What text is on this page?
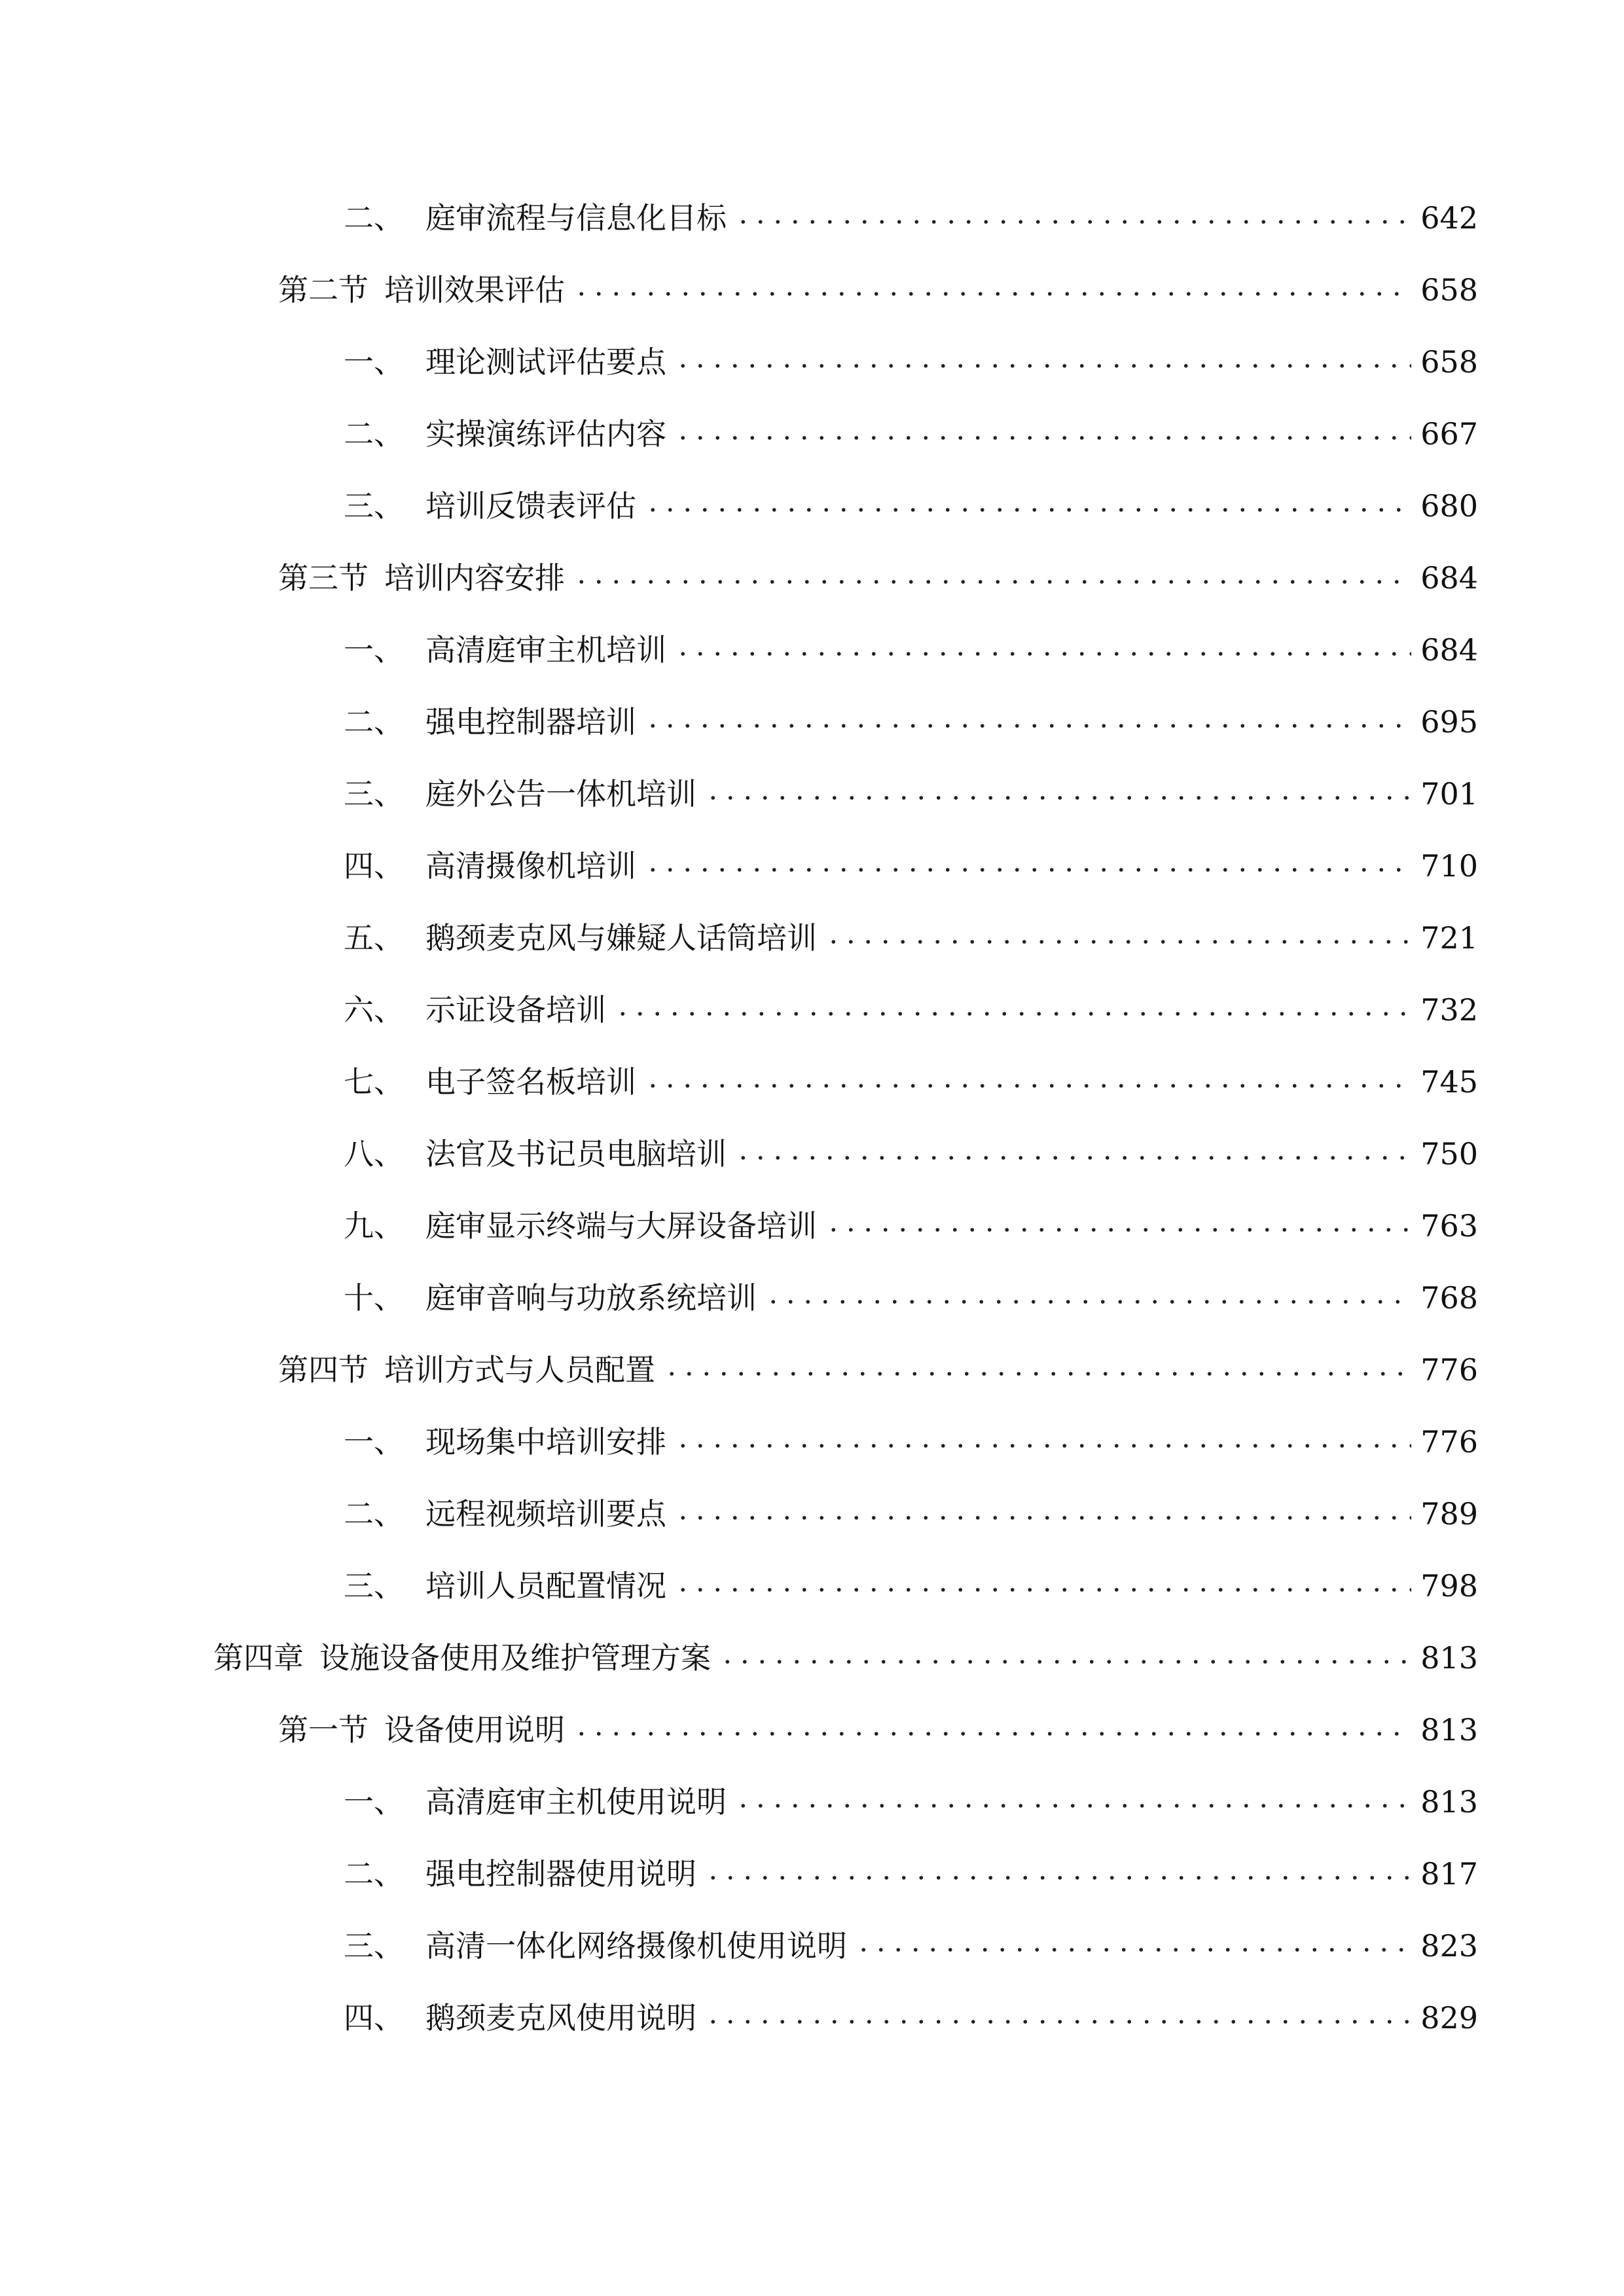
二、 庭审流程与信息化目标	642
第二节 培训效果评估	658
一、 理论测试评估要点	658
二、 实操演练评估内容	667
三、 培训反馈表评估	680
第三节 培训内容安排	684
一、 高清庭审主机培训	684
二、 强电控制器培训	695
三、 庭外公告一体机培训	701
四、 高清摄像机培训	710
五、 鹅颈麦克风与嫌疑人话筒培训	721
六、 示证设备培训	732
七、 电子签名板培训	745
八、 法官及书记员电脑培训	750
九、 庭审显示终端与大屏设备培训	763
十、 庭审音响与功放系统培训	768
第四节 培训方式与人员配置	776
一、 现场集中培训安排	776
二、 远程视频培训要点	789
三、 培训人员配置情况	798
第四章 设施设备使用及维护管理方案	813
第一节 设备使用说明	813
一、 高清庭审主机使用说明	813
二、 强电控制器使用说明	817
三、 高清一体化网络摄像机使用说明	823
四、 鹅颈麦克风使用说明	829
